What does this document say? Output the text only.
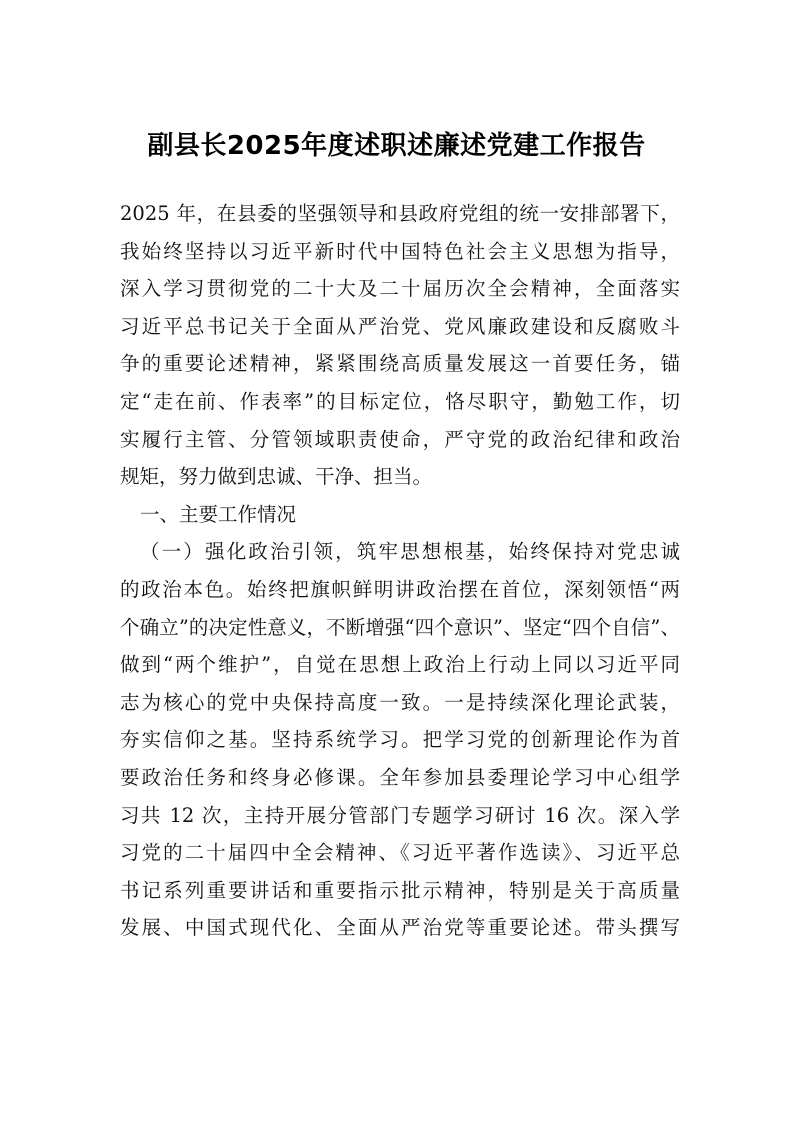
副县长2025年度述职述廉述党建工作报告
2025 年，在县委的坚强领导和县政府党组的统一安排部署下，
我始终坚持以习近平新时代中国特色社会主义思想为指导，
深入学习贯彻党的二十大及二十届历次全会精神，全面落实
习近平总书记关于全面从严治党、党风廉政建设和反腐败斗
争的重要论述精神，紧紧围绕高质量发展这一首要任务，锚
定“走在前、作表率”的目标定位，恪尽职守，勤勉工作，切
实履行主管、分管领域职责使命，严守党的政治纪律和政治
规矩，努力做到忠诚、干净、担当。
一、主要工作情况
（一）强化政治引领，筑牢思想根基，始终保持对党忠诚
的政治本色。始终把旗帜鲜明讲政治摆在首位，深刻领悟“两
个确立”的决定性意义，不断增强“四个意识”、坚定“四个自信”、
做到“两个维护”，自觉在思想上政治上行动上同以习近平同
志为核心的党中央保持高度一致。一是持续深化理论武装，
夯实信仰之基。坚持系统学习。把学习党的创新理论作为首
要政治任务和终身必修课。全年参加县委理论学习中心组学
习共 12 次，主持开展分管部门专题学习研讨 16 次。深入学
习党的二十届四中全会精神、《习近平著作选读》、习近平总
书记系列重要讲话和重要指示批示精神，特别是关于高质量
发展、中国式现代化、全面从严治党等重要论述。带头撰写
